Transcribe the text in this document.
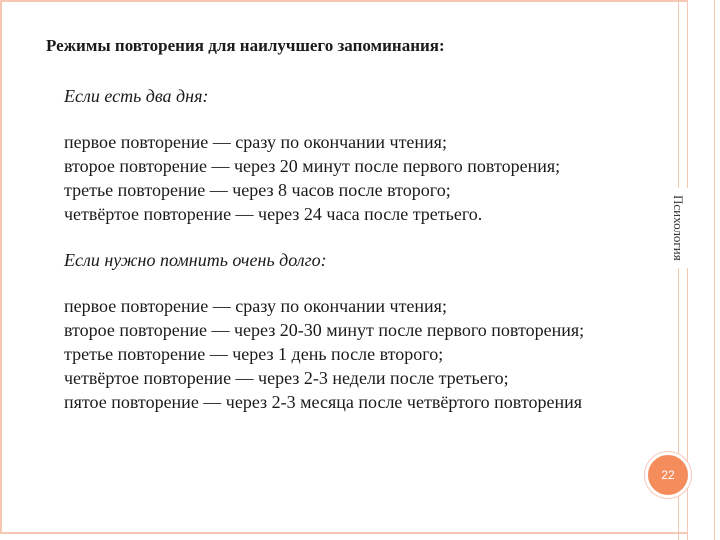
Режимы повторения для наилучшего запоминания:

Если есть два дня:

первое повторение — сразу по окончании чтения;
второе повторение — через 20 минут после первого повторения;
третье повторение — через 8 часов после второго;
четвёртое повторение — через 24 часа после третьего.

Если нужно помнить очень долго:

первое повторение — сразу по окончании чтения;
второе повторение — через 20-30 минут после первого повторения;
третье повторение — через 1 день после второго;
четвёртое повторение — через 2-3 недели после третьего;
пятое повторение — через 2-3 месяца после четвёртого повторения
Психология
22
